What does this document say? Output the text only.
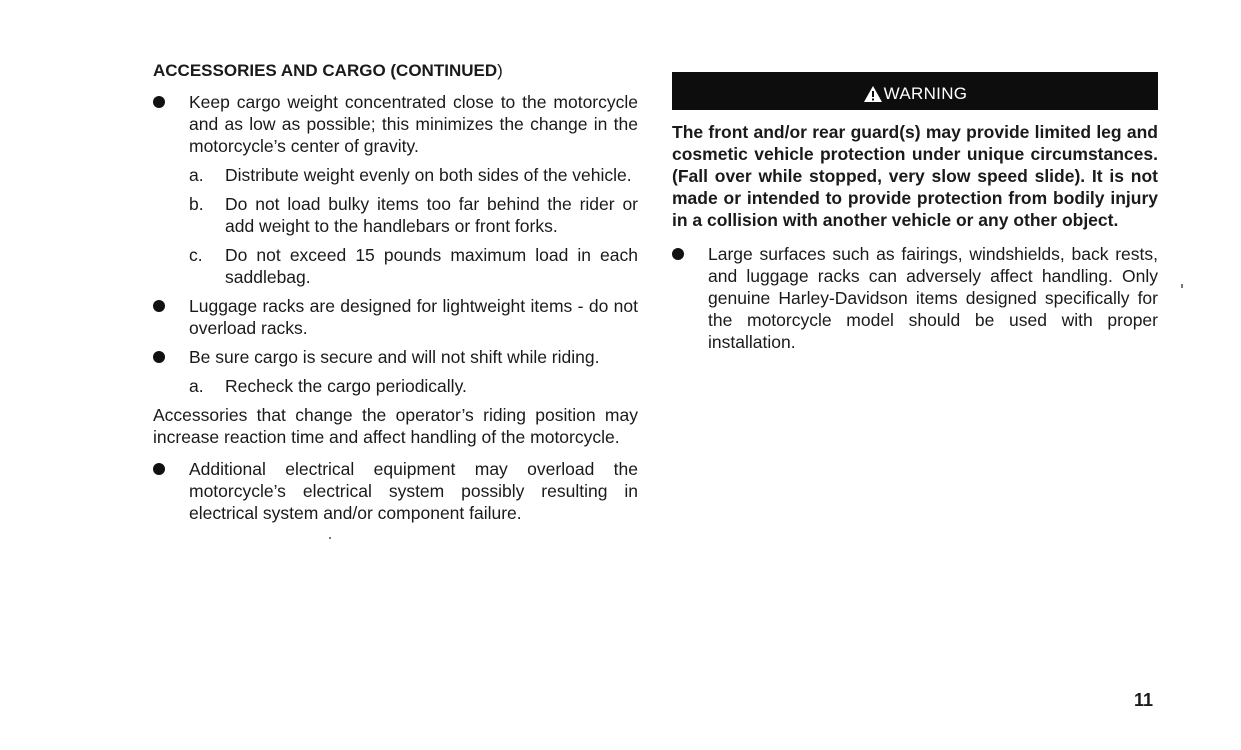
ACCESSORIES AND CARGO (CONTINUED)
Keep cargo weight concentrated close to the motorcycle and as low as possible; this minimizes the change in the motorcycle’s center of gravity.
a. Distribute weight evenly on both sides of the vehicle.
b. Do not load bulky items too far behind the rider or add weight to the handlebars or front forks.
c. Do not exceed 15 pounds maximum load in each saddlebag.
Luggage racks are designed for lightweight items - do not overload racks.
Be sure cargo is secure and will not shift while riding.
a. Recheck the cargo periodically.
Accessories that change the operator’s riding position may increase reaction time and affect handling of the motorcycle.
Additional electrical equipment may overload the motorcycle’s electrical system possibly resulting in electrical system and/or component failure.
WARNING
The front and/or rear guard(s) may provide limited leg and cosmetic vehicle protection under unique circumstances. (Fall over while stopped, very slow speed slide). It is not made or intended to provide protection from bodily injury in a collision with another vehicle or any other object.
Large surfaces such as fairings, windshields, back rests, and luggage racks can adversely affect handling. Only genuine Harley-Davidson items designed specifically for the motorcycle model should be used with proper installation.
11
